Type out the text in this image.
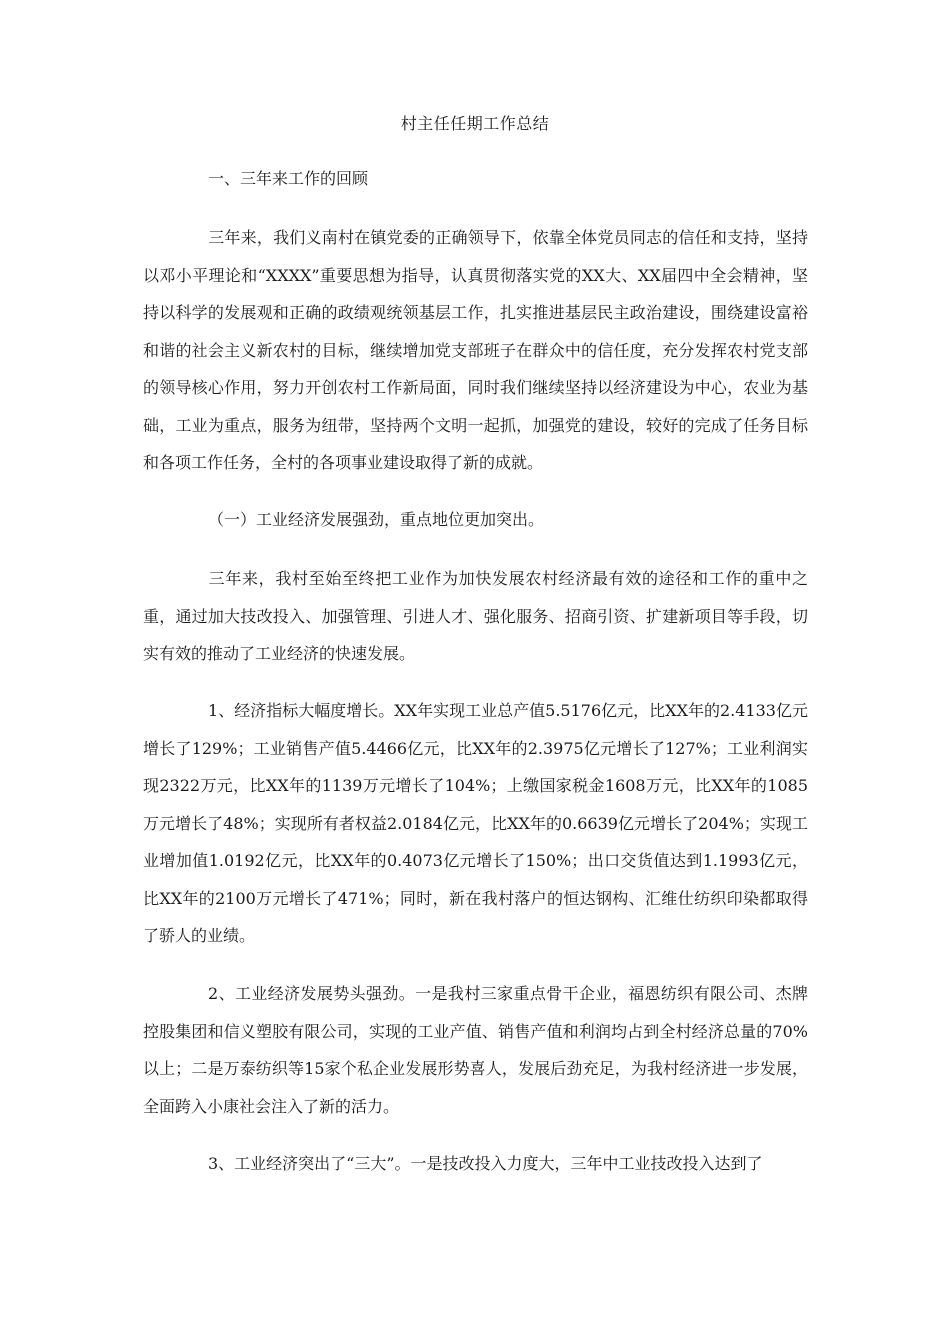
村主任任期工作总结
一、三年来工作的回顾
三年来，我们义南村在镇党委的正确领导下，依靠全体党员同志的信任和支持，坚持以邓小平理论和“XXXX”重要思想为指导，认真贯彻落实党的XX大、XX届四中全会精神，坚持以科学的发展观和正确的政绩观统领基层工作，扎实推进基层民主政治建设，围绕建设富裕和谐的社会主义新农村的目标，继续增加党支部班子在群众中的信任度，充分发挥农村党支部的领导核心作用，努力开创农村工作新局面，同时我们继续坚持以经济建设为中心，农业为基础，工业为重点，服务为纽带，坚持两个文明一起抓，加强党的建设，较好的完成了任务目标和各项工作任务，全村的各项事业建设取得了新的成就。
（一）工业经济发展强劲，重点地位更加突出。
三年来，我村至始至终把工业作为加快发展农村经济最有效的途径和工作的重中之重，通过加大技改投入、加强管理、引进人才、强化服务、招商引资、扩建新项目等手段，切实有效的推动了工业经济的快速发展。
1、经济指标大幅度增长。XX年实现工业总产值5.5176亿元，比XX年的2.4133亿元增长了129%；工业销售产值5.4466亿元，比XX年的2.3975亿元增长了127%；工业利润实现2322万元，比XX年的1139万元增长了104%；上缴国家税金1608万元，比XX年的1085万元增长了48%；实现所有者权益2.0184亿元，比XX年的0.6639亿元增长了204%；实现工业增加值1.0192亿元，比XX年的0.4073亿元增长了150%；出口交货值达到1.1993亿元，比XX年的2100万元增长了471%；同时，新在我村落户的恒达钢构、汇维仕纺织印染都取得了骄人的业绩。
2、工业经济发展势头强劲。一是我村三家重点骨干企业，福恩纺织有限公司、杰牌控股集团和信义塑胶有限公司，实现的工业产值、销售产值和利润均占到全村经济总量的70%以上；二是万泰纺织等15家个私企业发展形势喜人，发展后劲充足，为我村经济进一步发展，全面跨入小康社会注入了新的活力。
3、工业经济突出了“三大”。一是技改投入力度大，三年中工业技改投入达到了
